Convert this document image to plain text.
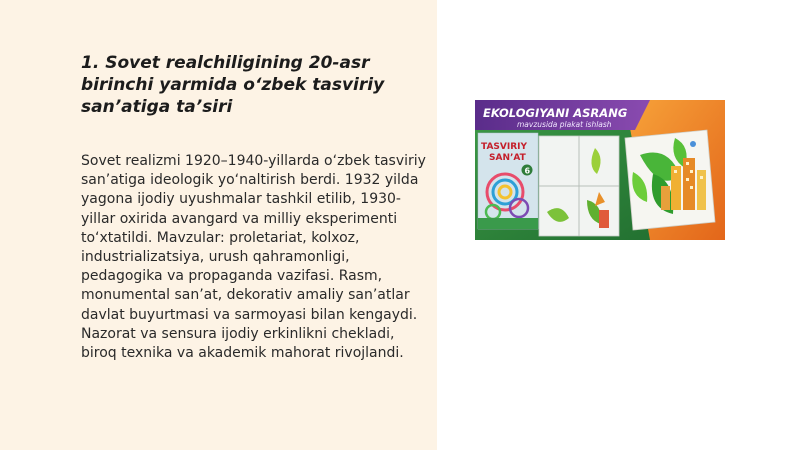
1. Sovet realchiligining 20-asr birinchi yarmida o‘zbek tasviriy san’atiga ta’siri

Sovet realizmi 1920–1940-yillarda o‘zbek tasviriy san’atiga ideologik yo‘naltirish berdi. 1932 yilda yagona ijodiy uyushmalar tashkil etilib, 1930-yillar oxirida avangard va milliy eksperimenti to‘xtatildi. Mavzular: proletariat, kolxoz, industrializatsiya, urush qahramonligi, pedagogika va propaganda vazifasi. Rasm, monumental san’at, dekorativ amaliy san’atlar davlat buyurtmasi va sarmoyasi bilan kengaydi. Nazorat va sensura ijodiy erkinlikni chekladi, biroq texnika va akademik mahorat rivojlandi.

EKOLOGIYANI ASRANG
mavzusida plakat ishlash
TASVIRIY
SAN’AT
6
